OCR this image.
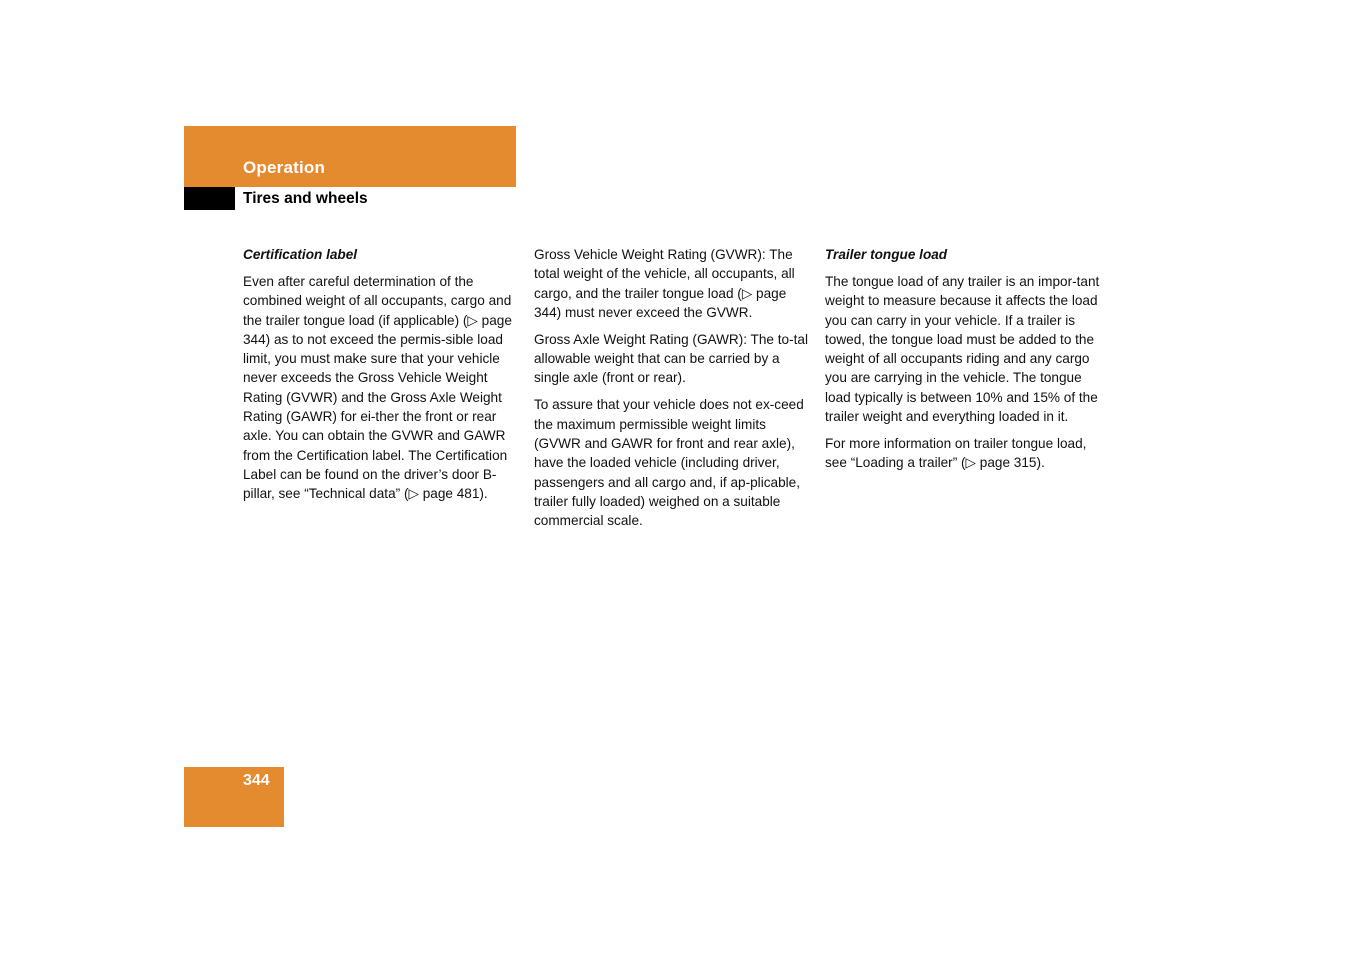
Operation
Tires and wheels

Certification label

Even after careful determination of the combined weight of all occupants, cargo and the trailer tongue load (if applicable) (▷ page 344) as to not exceed the permis-sible load limit, you must make sure that your vehicle never exceeds the Gross Vehicle Weight Rating (GVWR) and the Gross Axle Weight Rating (GAWR) for ei-ther the front or rear axle. You can obtain the GVWR and GAWR from the Certification label. The Certification Label can be found on the driver’s door B-pillar, see “Technical data” (▷ page 481).

Gross Vehicle Weight Rating (GVWR): The total weight of the vehicle, all occupants, all cargo, and the trailer tongue load (▷ page 344) must never exceed the GVWR.

Gross Axle Weight Rating (GAWR): The to-tal allowable weight that can be carried by a single axle (front or rear).

To assure that your vehicle does not ex-ceed the maximum permissible weight limits (GVWR and GAWR for front and rear axle), have the loaded vehicle (including driver, passengers and all cargo and, if ap-plicable, trailer fully loaded) weighed on a suitable commercial scale.

Trailer tongue load

The tongue load of any trailer is an impor-tant weight to measure because it affects the load you can carry in your vehicle. If a trailer is towed, the tongue load must be added to the weight of all occupants riding and any cargo you are carrying in the vehicle. The tongue load typically is between 10% and 15% of the trailer weight and everything loaded in it.

For more information on trailer tongue load, see “Loading a trailer” (▷ page 315).

344
